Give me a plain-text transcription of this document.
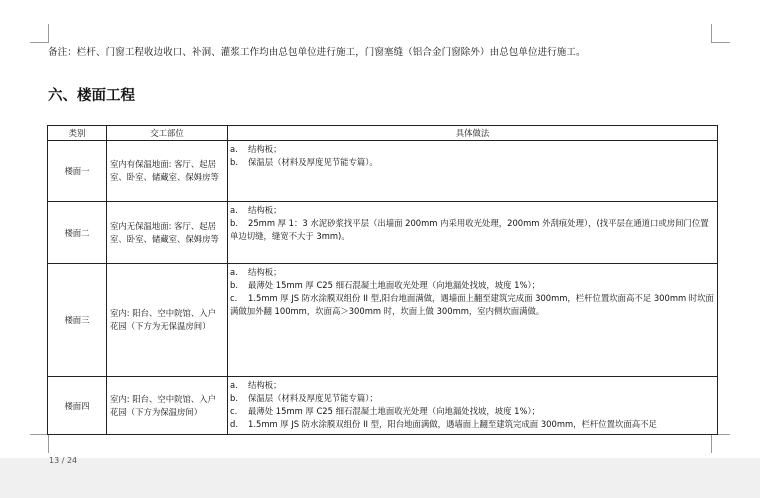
备注：栏杆、门窗工程收边收口、补洞、灌浆工作均由总包单位进行施工，门窗塞缝（铝合金门窗除外）由总包单位进行施工。
六、楼面工程
类别	交工部位	具体做法
楼面一	室内有保温地面: 客厅、起居室、卧室、储藏室、保姆房等	a. 结构板；
b. 保温层（材料及厚度见节能专篇）。

楼面二	室内无保温地面: 客厅、起居室、卧室、储藏室、保姆房等	a. 结构板；
b. 25mm 厚 1：3 水泥砂浆找平层（出墙面 200mm 内采用收光处理，200mm 外刮痕处理），(找平层在通道口或房间门位置单边切缝，缝宽不大于 3mm)。

楼面三	室内: 阳台、空中院馆、入户花园（下方为无保温房间）	a. 结构板；
b. 最薄处 15mm 厚 C25 细石混凝土地面收光处理（向地漏处找坡，坡度 1%）；
c. 1.5mm 厚 JS 防水涂膜双组份 II 型,阳台地面满做，遇墙面上翻至建筑完成面 300mm，栏杆位置坎面高不足 300mm 时坎面满做加外翻 100mm，坎面高＞300mm 时，坎面上做 300mm，室内侧坎面满做。

楼面四	室内: 阳台、空中院馆、入户花园（下方为保温房间）	a. 结构板；
b. 保温层（材料及厚度见节能专篇）；
c. 最薄处 15mm 厚 C25 细石混凝土地面收光处理（向地漏处找坡，坡度 1%）；
d. 1.5mm 厚 JS 防水涂膜双组份 II 型，阳台地面满做，遇墙面上翻至建筑完成面 300mm，栏杆位置坎面高不足
13 / 24
